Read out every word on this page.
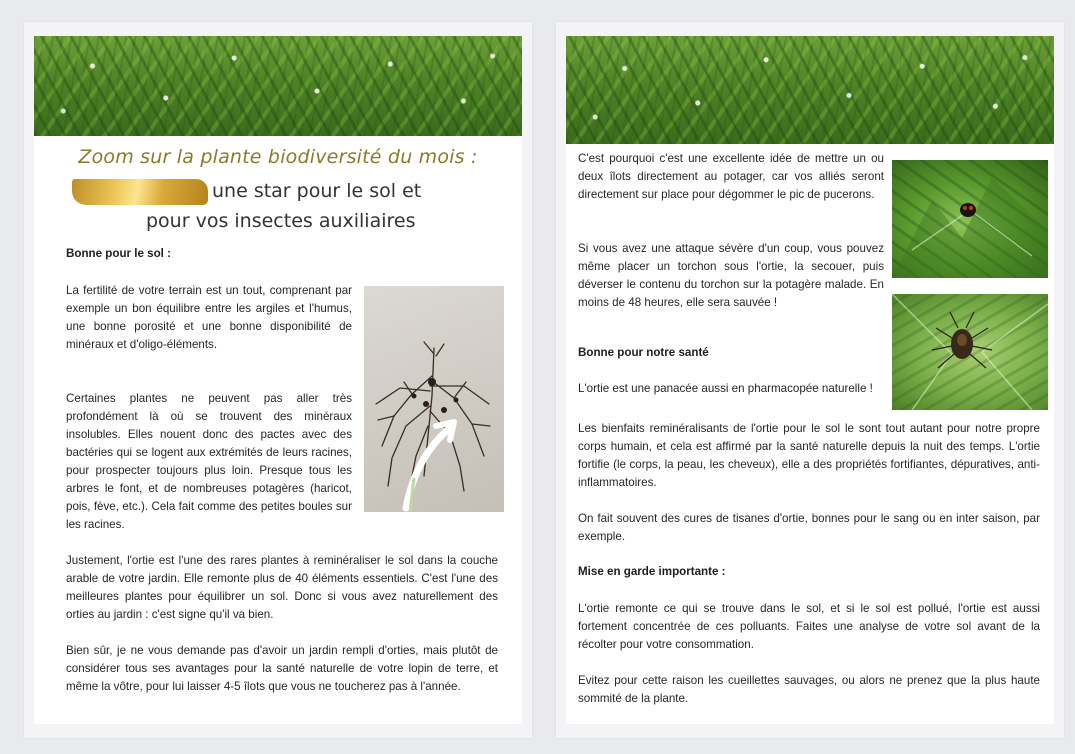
Zoom sur la plante biodiversité du mois :

une star pour le sol et

pour vos insectes auxiliaires

Bonne pour le sol :

La fertilité de votre terrain est un tout, comprenant par exemple un bon équilibre entre les argiles et l'humus, une bonne porosité et une bonne disponibilité de minéraux et d'oligo-éléments.

Certaines plantes ne peuvent pas aller très profondément là où se trouvent des minéraux insolubles. Elles nouent donc des pactes avec des bactéries qui se logent aux extrémités de leurs racines, pour prospecter toujours plus loin. Presque tous les arbres le font, et de nombreuses potagères (haricot, pois, fève, etc.). Cela fait comme des petites boules sur les racines.

Justement, l'ortie est l'une des rares plantes à reminéraliser le sol dans la couche arable de votre jardin. Elle remonte plus de 40 éléments essentiels. C'est l'une des meilleures plantes pour équilibrer un sol. Donc si vous avez naturellement des orties au jardin : c'est signe qu'il va bien.

Bien sûr, je ne vous demande pas d'avoir un jardin rempli d'orties, mais plutôt de considérer tous ses avantages pour la santé naturelle de votre lopin de terre, et même la vôtre, pour lui laisser 4-5 îlots que vous ne toucherez pas à l'année.

C'est pourquoi c'est une excellente idée de mettre un ou deux îlots directement au potager, car vos alliés seront directement sur place pour dégommer le pic de pucerons.

Si vous avez une attaque sévère d'un coup, vous pouvez même placer un torchon sous l'ortie, la secouer, puis déverser le contenu du torchon sur la potagère malade. En moins de 48 heures, elle sera sauvée !

Bonne pour notre santé

L'ortie est une panacée aussi en pharmacopée naturelle !

Les bienfaits reminéralisants de l'ortie pour le sol le sont tout autant pour notre propre corps humain, et cela est affirmé par la santé naturelle depuis la nuit des temps. L'ortie fortifie (le corps, la peau, les cheveux), elle a des propriétés fortifiantes, dépuratives, anti-inflammatoires.

On fait souvent des cures de tisanes d'ortie, bonnes pour le sang ou en inter saison, par exemple.

Mise en garde importante :

L'ortie remonte ce qui se trouve dans le sol, et si le sol est pollué, l'ortie est aussi fortement concentrée de ces polluants. Faites une analyse de votre sol avant de la récolter pour votre consommation.

Evitez pour cette raison les cueillettes sauvages, ou alors ne prenez que la plus haute sommité de la plante.
